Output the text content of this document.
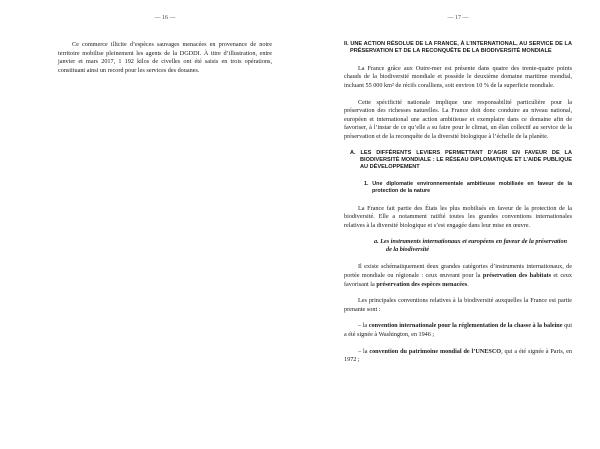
— 16 —

Ce commerce illicite d’espèces sauvages menacées en provenance de notre territoire mobilise pleinement les agents de la DGDDI. À titre d’illustration, entre janvier et mars 2017, 1 192 kilos de civelles ont été saisis en trois opérations, constituant ainsi un record pour les services des douanes.

— 17 —
II. UNE ACTION RÉSOLUE DE LA FRANCE, À L’INTERNATIONAL, AU SERVICE DE LA PRÉSERVATION ET DE LA RECONQUÊTE DE LA BIODIVERSITÉ MONDIALE

La France grâce aux Outre-mer est présente dans quatre des trente-quatre points chauds de la biodiversité mondiale et possède le deuxième domaine maritime mondial, incluant 55 000 km² de récifs coralliens, soit environ 10 % de la superficie mondiale.

Cette spécificité nationale implique une responsabilité particulière pour la préservation des richesses naturelles. La France doit donc conduire au niveau national, européen et international une action ambitieuse et exemplaire dans ce domaine afin de favoriser, à l’instar de ce qu’elle a su faire pour le climat, un élan collectif au service de la préservation et de la reconquête de la diversité biologique à l’échelle de la planète.

A. LES DIFFÉRENTS LEVIERS PERMETTANT D’AGIR EN FAVEUR DE LA BIODIVERSITÉ MONDIALE : LE RÉSEAU DIPLOMATIQUE ET L’AIDE PUBLIQUE AU DÉVELOPPEMENT
1. Une diplomatie environnementale ambitieuse mobilisée en faveur de la protection de la nature

La France fait partie des États les plus mobilisés en faveur de la protection de la biodiversité. Elle a notamment ratifié toutes les grandes conventions internationales relatives à la diversité biologique et s’est engagée dans leur mise en œuvre.

a. Les instruments internationaux et européens en faveur de la préservation de la biodiversité

Il existe schématiquement deux grandes catégories d’instruments internationaux, de portée mondiale ou régionale : ceux œuvrant pour la préservation des habitats et ceux favorisant la préservation des espèces menacées.

Les principales conventions relatives à la biodiversité auxquelles la France est partie prenante sont :

– la convention internationale pour la réglementation de la chasse à la baleine qui a été signée à Washington, en 1946 ;

– la convention du patrimoine mondial de l’UNESCO, qui a été signée à Paris, en 1972 ;
